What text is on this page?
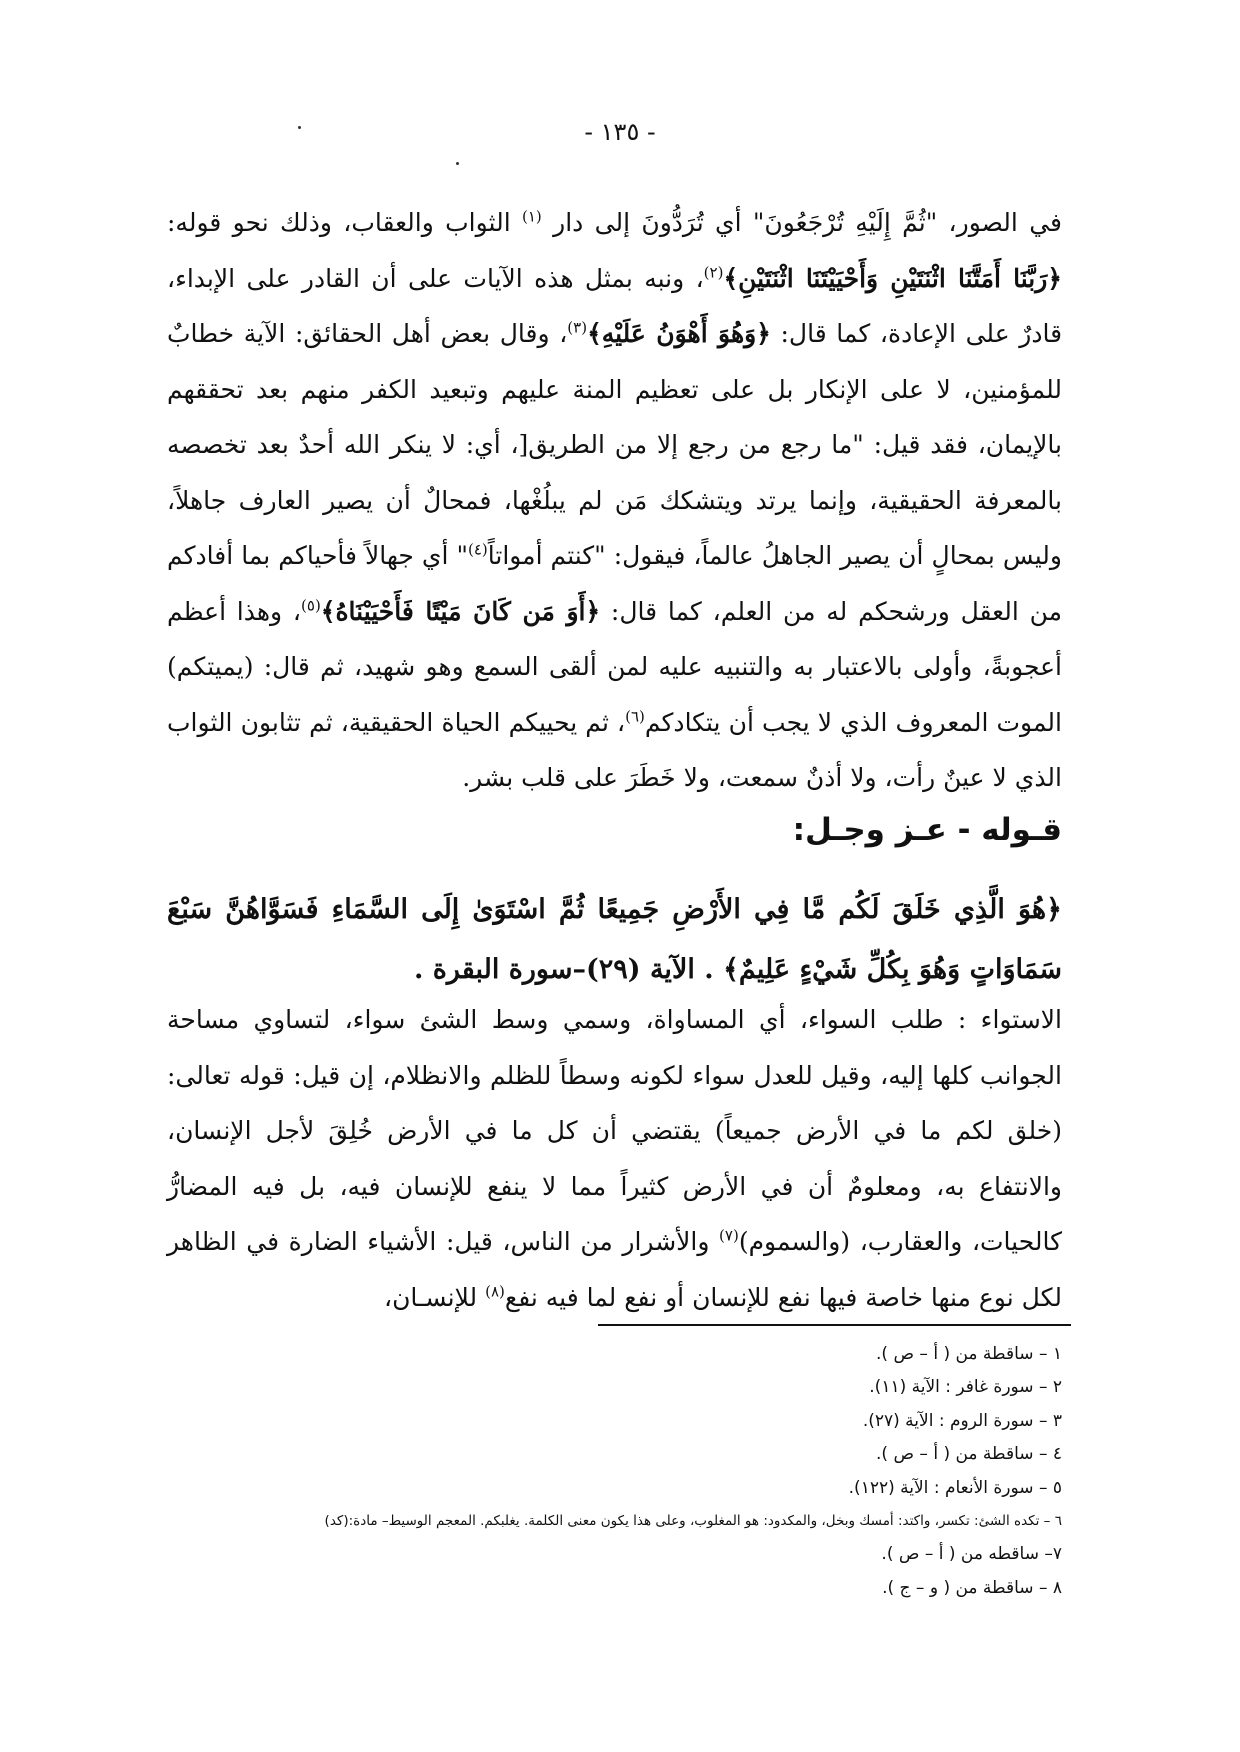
- ١٣٥ -
في الصور، "ثُمَّ إِلَيْهِ تُرْجَعُونَ" أي تُرَدُّونَ إلى دار $^{(١)}$ الثواب والعقاب، وذلك نحو قوله: ﴿رَبَّنَا أَمَتَّنَا اثْنَتَيْنِ وَأَحْيَيْتَنَا اثْنَتَيْنِ﴾$^{(٢)}$، ونبه بمثل هذه الآيات على أن القادر على الإبداء، قادرٌ على الإعادة، كما قال: ﴿وَهُوَ أَهْوَنُ عَلَيْهِ﴾$^{(٣)}$، وقال بعض أهل الحقائق: الآية خطابٌ للمؤمنين، لا على الإنكار بل على تعظيم المنة عليهم وتبعيد الكفر منهم بعد تحققهم بالإيمان، فقد قيل: "ما رجع من رجع إلا من الطريق[، أي: لا ينكر الله أحدٌ بعد تخصصه بالمعرفة الحقيقية، وإنما يرتد ويتشكك مَن لم يبلُغْها، فمحالٌ أن يصير العارف جاهلاً، وليس بمحالٍ أن يصير الجاهلُ عالماً، فيقول: "كنتم أمواتاً$^{(٤)}$" أي جهالاً فأحياكم بما أفادكم من العقل ورشحكم له من العلم، كما قال: ﴿أَوَ مَن كَانَ مَيْتًا فَأَحْيَيْنَاهُ﴾$^{(٥)}$، وهذا أعظم أعجوبةً، وأولى بالاعتبار به والتنبيه عليه لمن ألقى السمع وهو شهيد، ثم قال: (يميتكم) الموت المعروف الذي لا يجب أن يتكادكم$^{(٦)}$، ثم يحييكم الحياة الحقيقية، ثم تثابون الثواب الذي لا عينٌ رأت، ولا أذنٌ سمعت، ولا خَطَرَ على قلب بشر.
قـوله - عـز وجـل:
﴿هُوَ الَّذِي خَلَقَ لَكُم مَّا فِي الأَرْضِ جَمِيعًا ثُمَّ اسْتَوَىٰ إِلَى السَّمَاءِ فَسَوَّاهُنَّ سَبْعَ سَمَاوَاتٍ وَهُوَ بِكُلِّ شَيْءٍ عَلِيمٌ﴾ . الآية (٢٩)–سورة البقرة .
الاستواء : طلب السواء، أي المساواة، وسمي وسط الشئ سواء، لتساوي مساحة الجوانب كلها إليه، وقيل للعدل سواء لكونه وسطاً للظلم والانظلام، إن قيل: قوله تعالى: (خلق لكم ما في الأرض جميعاً) يقتضي أن كل ما في الأرض خُلِقَ لأجل الإنسان، والانتفاع به، ومعلومٌ أن في الأرض كثيراً مما لا ينفع للإنسان فيه، بل فيه المضارُّ كالحيات، والعقارب، (والسموم)$^{(٧)}$ والأشرار من الناس، قيل: الأشياء الضارة في الظاهر لكل نوع منها خاصة فيها نفع للإنسان أو نفع لما فيه نفع$^{(٨)}$ للإنسـان،
١ – ساقطة من ( أ – ص ).
٢ – سورة غافر : الآية (١١).
٣ – سورة الروم : الآية (٢٧).
٤ – ساقطة من ( أ – ص ).
٥ – سورة الأنعام : الآية (١٢٢).
٦ – تكده الشئ: تكسر، واكتد: أمسك وبخل، والمكدود: هو المغلوب، وعلى هذا يكون معنى الكلمة. يغلبكم. المعجم الوسيط– مادة:(كد)
٧– ساقطه من ( أ – ص ).
٨ – ساقطة من ( و – ج ).
